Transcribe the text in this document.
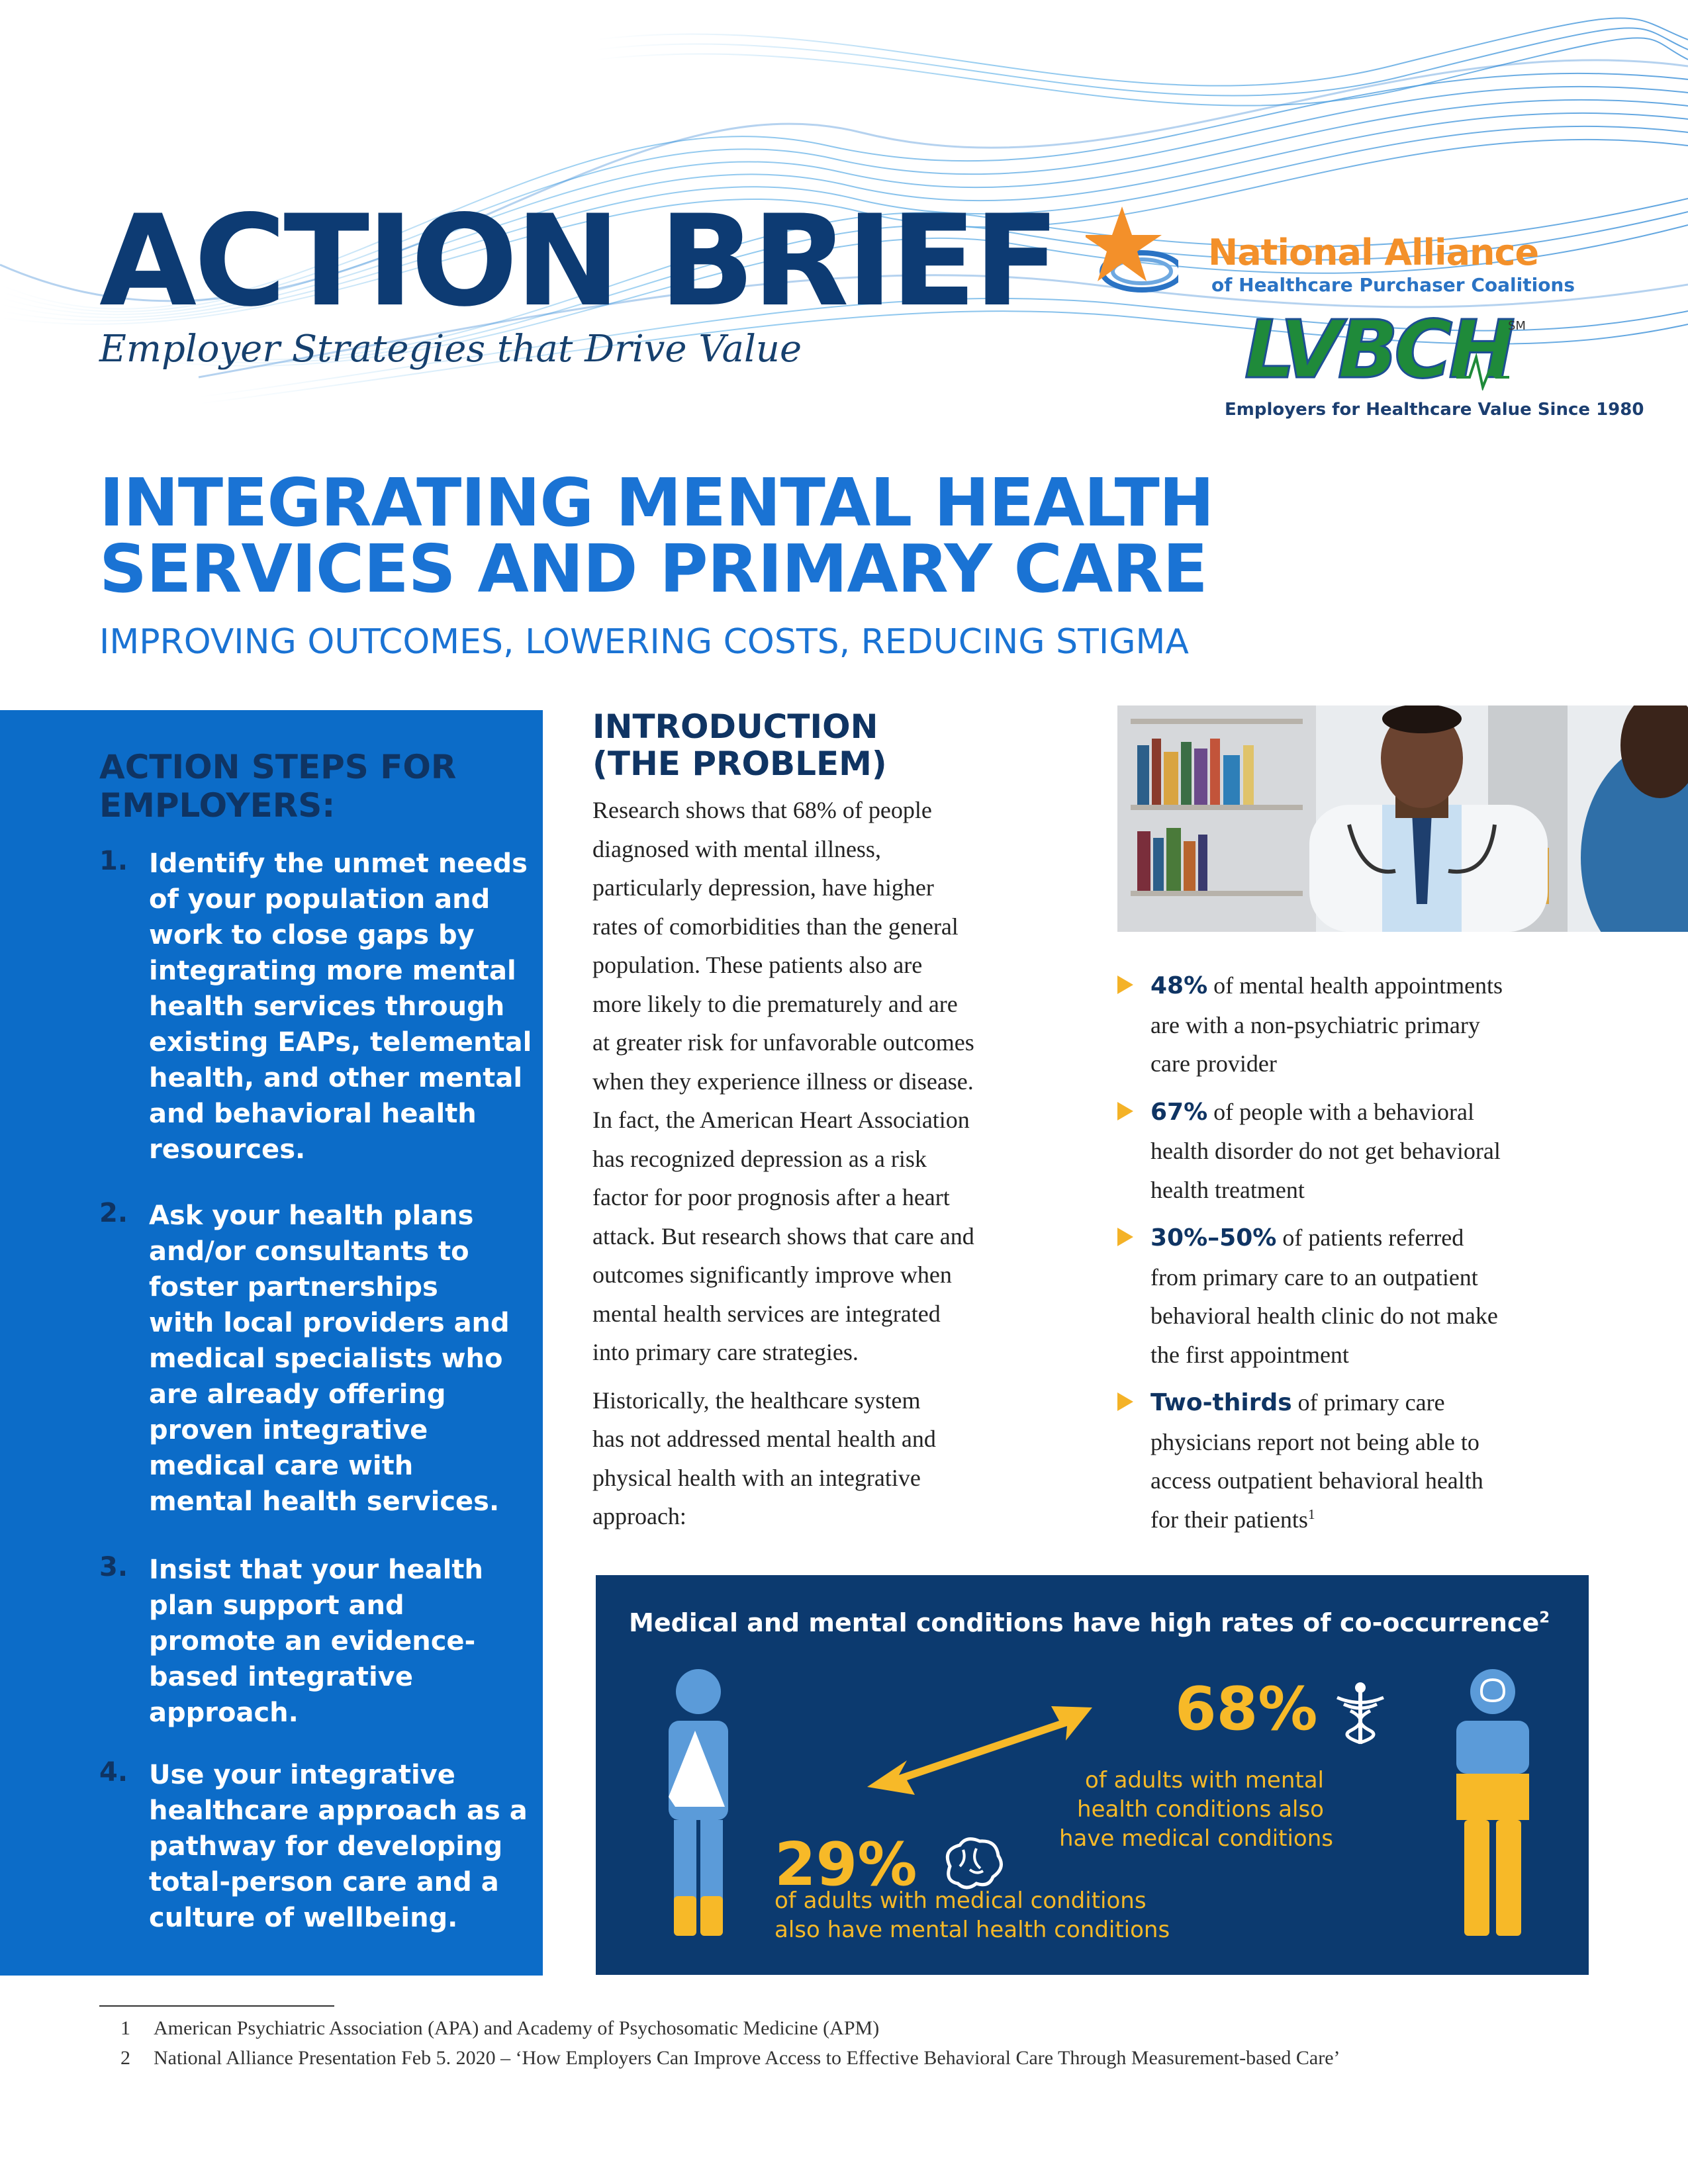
ACTION BRIEF
Employer Strategies that Drive Value
National Alliance
of Healthcare Purchaser Coalitions
LVBCH
SM
Employers for Healthcare Value Since 1980
INTEGRATING MENTAL HEALTH
SERVICES AND PRIMARY CARE
IMPROVING OUTCOMES, LOWERING COSTS, REDUCING STIGMA
ACTION STEPS FOR
EMPLOYERS:
1. Identify the unmet needs
of your population and
work to close gaps by
integrating more mental
health services through
existing EAPs, telemental
health, and other mental
and behavioral health
resources.
2. Ask your health plans
and/or consultants to
foster partnerships
with local providers and
medical specialists who
are already offering
proven integrative
medical care with
mental health services.
3. Insist that your health
plan support and
promote an evidence-
based integrative
approach.
4. Use your integrative
healthcare approach as a
pathway for developing
total-person care and a
culture of wellbeing.
INTRODUCTION
(THE PROBLEM)

Research shows that 68% of people
diagnosed with mental illness,
particularly depression, have higher
rates of comorbidities than the general
population. These patients also are
more likely to die prematurely and are
at greater risk for unfavorable outcomes
when they experience illness or disease.
In fact, the American Heart Association
has recognized depression as a risk
factor for poor prognosis after a heart
attack. But research shows that care and
outcomes significantly improve when
mental health services are integrated
into primary care strategies.

Historically, the healthcare system
has not addressed mental health and
physical health with an integrative
approach:

48% of mental health appointments
are with a non-psychiatric primary
care provider
67% of people with a behavioral
health disorder do not get behavioral
health treatment
30%–50% of patients referred
from primary care to an outpatient
behavioral health clinic do not make
the first appointment
Two-thirds of primary care
physicians report not being able to
access outpatient behavioral health
for their patients$^1$
Medical and mental conditions have high rates of co-occurrence$^2$
68%
of adults with mental
health conditions also
have medical conditions
29%
of adults with medical conditions
also have mental health conditions
1 American Psychiatric Association (APA) and Academy of Psychosomatic Medicine (APM)
2 National Alliance Presentation Feb 5. 2020 – ‘How Employers Can Improve Access to Effective Behavioral Care Through Measurement-based Care’
